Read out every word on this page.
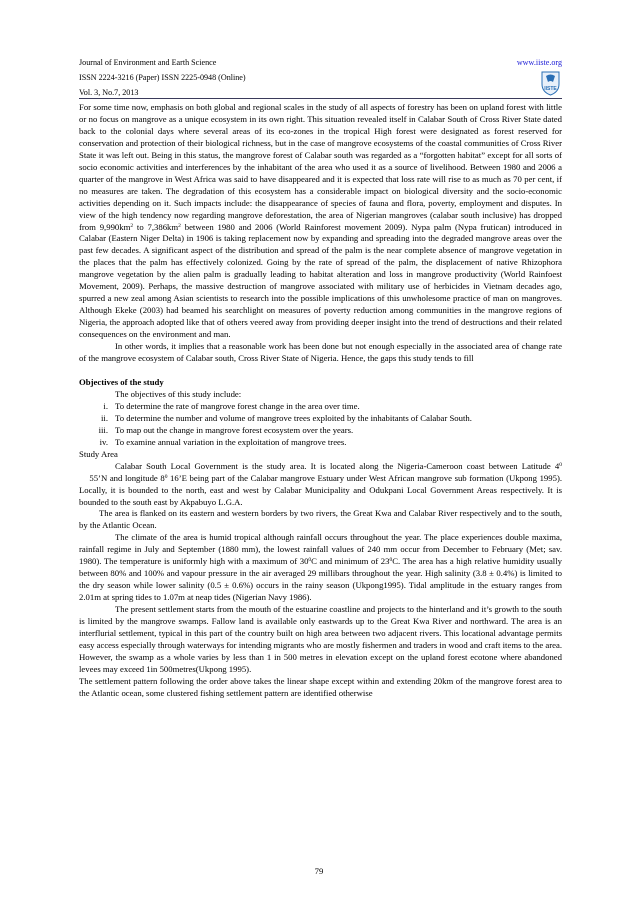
Journal of Environment and Earth Science	www.iiste.org
ISSN 2224-3216 (Paper) ISSN 2225-0948 (Online)
Vol. 3, No.7, 2013	IISTE

For some time now, emphasis on both global and regional scales in the study of all aspects of forestry has been on upland forest with little or no focus on mangrove as a unique ecosystem in its own right. This situation revealed itself in Calabar South of Cross River State dated back to the colonial days where several areas of its eco-zones in the tropical High forest were designated as forest reserved for conservation and protection of their biological richness, but in the case of mangrove ecosystems of the coastal communities of Cross River State it was left out. Being in this status, the mangrove forest of Calabar south was regarded as a “forgotten habitat” except for all sorts of socio economic activities and interferences by the inhabitant of the area who used it as a source of livelihood. Between 1980 and 2006 a quarter of the mangrove in West Africa was said to have disappeared and it is expected that loss rate will rise to as much as 70 per cent, if no measures are taken. The degradation of this ecosystem has a considerable impact on biological diversity and the socio-economic activities depending on it. Such impacts include: the disappearance of species of fauna and flora, poverty, employment and disputes. In view of the high tendency now regarding mangrove deforestation, the area of Nigerian mangroves (calabar south inclusive) has dropped from $9,990km^2$ to $7,386km^2$ between 1980 and 2006 (World Rainforest movement 2009). Nypa palm (Nypa frutican) introduced in Calabar (Eastern Niger Delta) in 1906 is taking replacement now by expanding and spreading into the degraded mangrove areas over the past few decades. A significant aspect of the distribution and spread of the palm is the near complete absence of mangrove vegetation in the places that the palm has effectively colonized. Going by the rate of spread of the palm, the displacement of native Rhizophora mangrove vegetation by the alien palm is gradually leading to habitat alteration and loss in mangrove productivity (World Rainfoest Movement, 2009). Perhaps, the massive destruction of mangrove associated with military use of herbicides in Vietnam decades ago, spurred a new zeal among Asian scientists to research into the possible implications of this unwholesome practice of man on mangroves. Although Ekeke (2003) had beamed his searchlight on measures of poverty reduction among communities in the mangrove regions of Nigeria, the approach adopted like that of others veered away from providing deeper insight into the trend of destructions and their related consequences on the environment and man.

In other words, it implies that a reasonable work has been done but not enough especially in the associated area of change rate of the mangrove ecosystem of Calabar south, Cross River State of Nigeria. Hence, the gaps this study tends to fill

Objectives of the study

The objectives of this study include:

i. To determine the rate of mangrove forest change in the area over time.
ii. To determine the number and volume of mangrove trees exploited by the inhabitants of Calabar South.
iii. To map out the change in mangrove forest ecosystem over the years.
iv. To examine annual variation in the exploitation of mangrove trees.

Study Area

Calabar South Local Government is the study area. It is located along the Nigeria-Cameroon coast between Latitude $4^0$    55’N and longitude $8^0$ 16’E being part of the Calabar mangrove Estuary under West African mangrove sub formation (Ukpong 1995). Locally, it is bounded to the north, east and west by Calabar Municipality and Odukpani Local Government Areas respectively. It is bounded to the south east by Akpabuyo L.G.A.

The area is flanked on its eastern and western borders by two rivers, the Great Kwa and Calabar River respectively and to the south, by the Atlantic Ocean.

The climate of the area is humid tropical although rainfall occurs throughout the year. The place experiences double maxima, rainfall regime in July and September (1880 mm), the lowest rainfall values of 240 mm occur from December to February (Met; sav. 1980). The temperature is uniformly high with a maximum of $30^0C$ and minimum of $23^0C$. The area has a high relative humidity usually between 80% and 100% and vapour pressure in the air averaged 29 millibars throughout the year. High salinity (3.8 ± 0.4%) is limited to the dry season while lower salinity (0.5 ± 0.6%) occurs in the rainy season (Ukpong1995). Tidal amplitude in the estuary ranges from 2.01m at spring tides to 1.07m at neap tides (Nigerian Navy 1986).

The present settlement starts from the mouth of the estuarine coastline and projects to the hinterland and it’s growth to the south is limited by the mangrove swamps. Fallow land is available only eastwards up to the Great Kwa River and northward. The area is an interflurial settlement, typical in this part of the country built on high area between two adjacent rivers. This locational advantage permits easy access especially through waterways for intending migrants who are mostly fishermen and traders in wood and craft items to the area. However, the swamp as a whole varies by less than 1 in 500 metres in elevation except on the upland forest ecotone where abandoned levees may exceed 1in 500metres(Ukpong 1995).

The settlement pattern following the order above takes the linear shape except within and extending 20km of the mangrove forest area to the Atlantic ocean, some clustered fishing settlement pattern are identified otherwise

79
